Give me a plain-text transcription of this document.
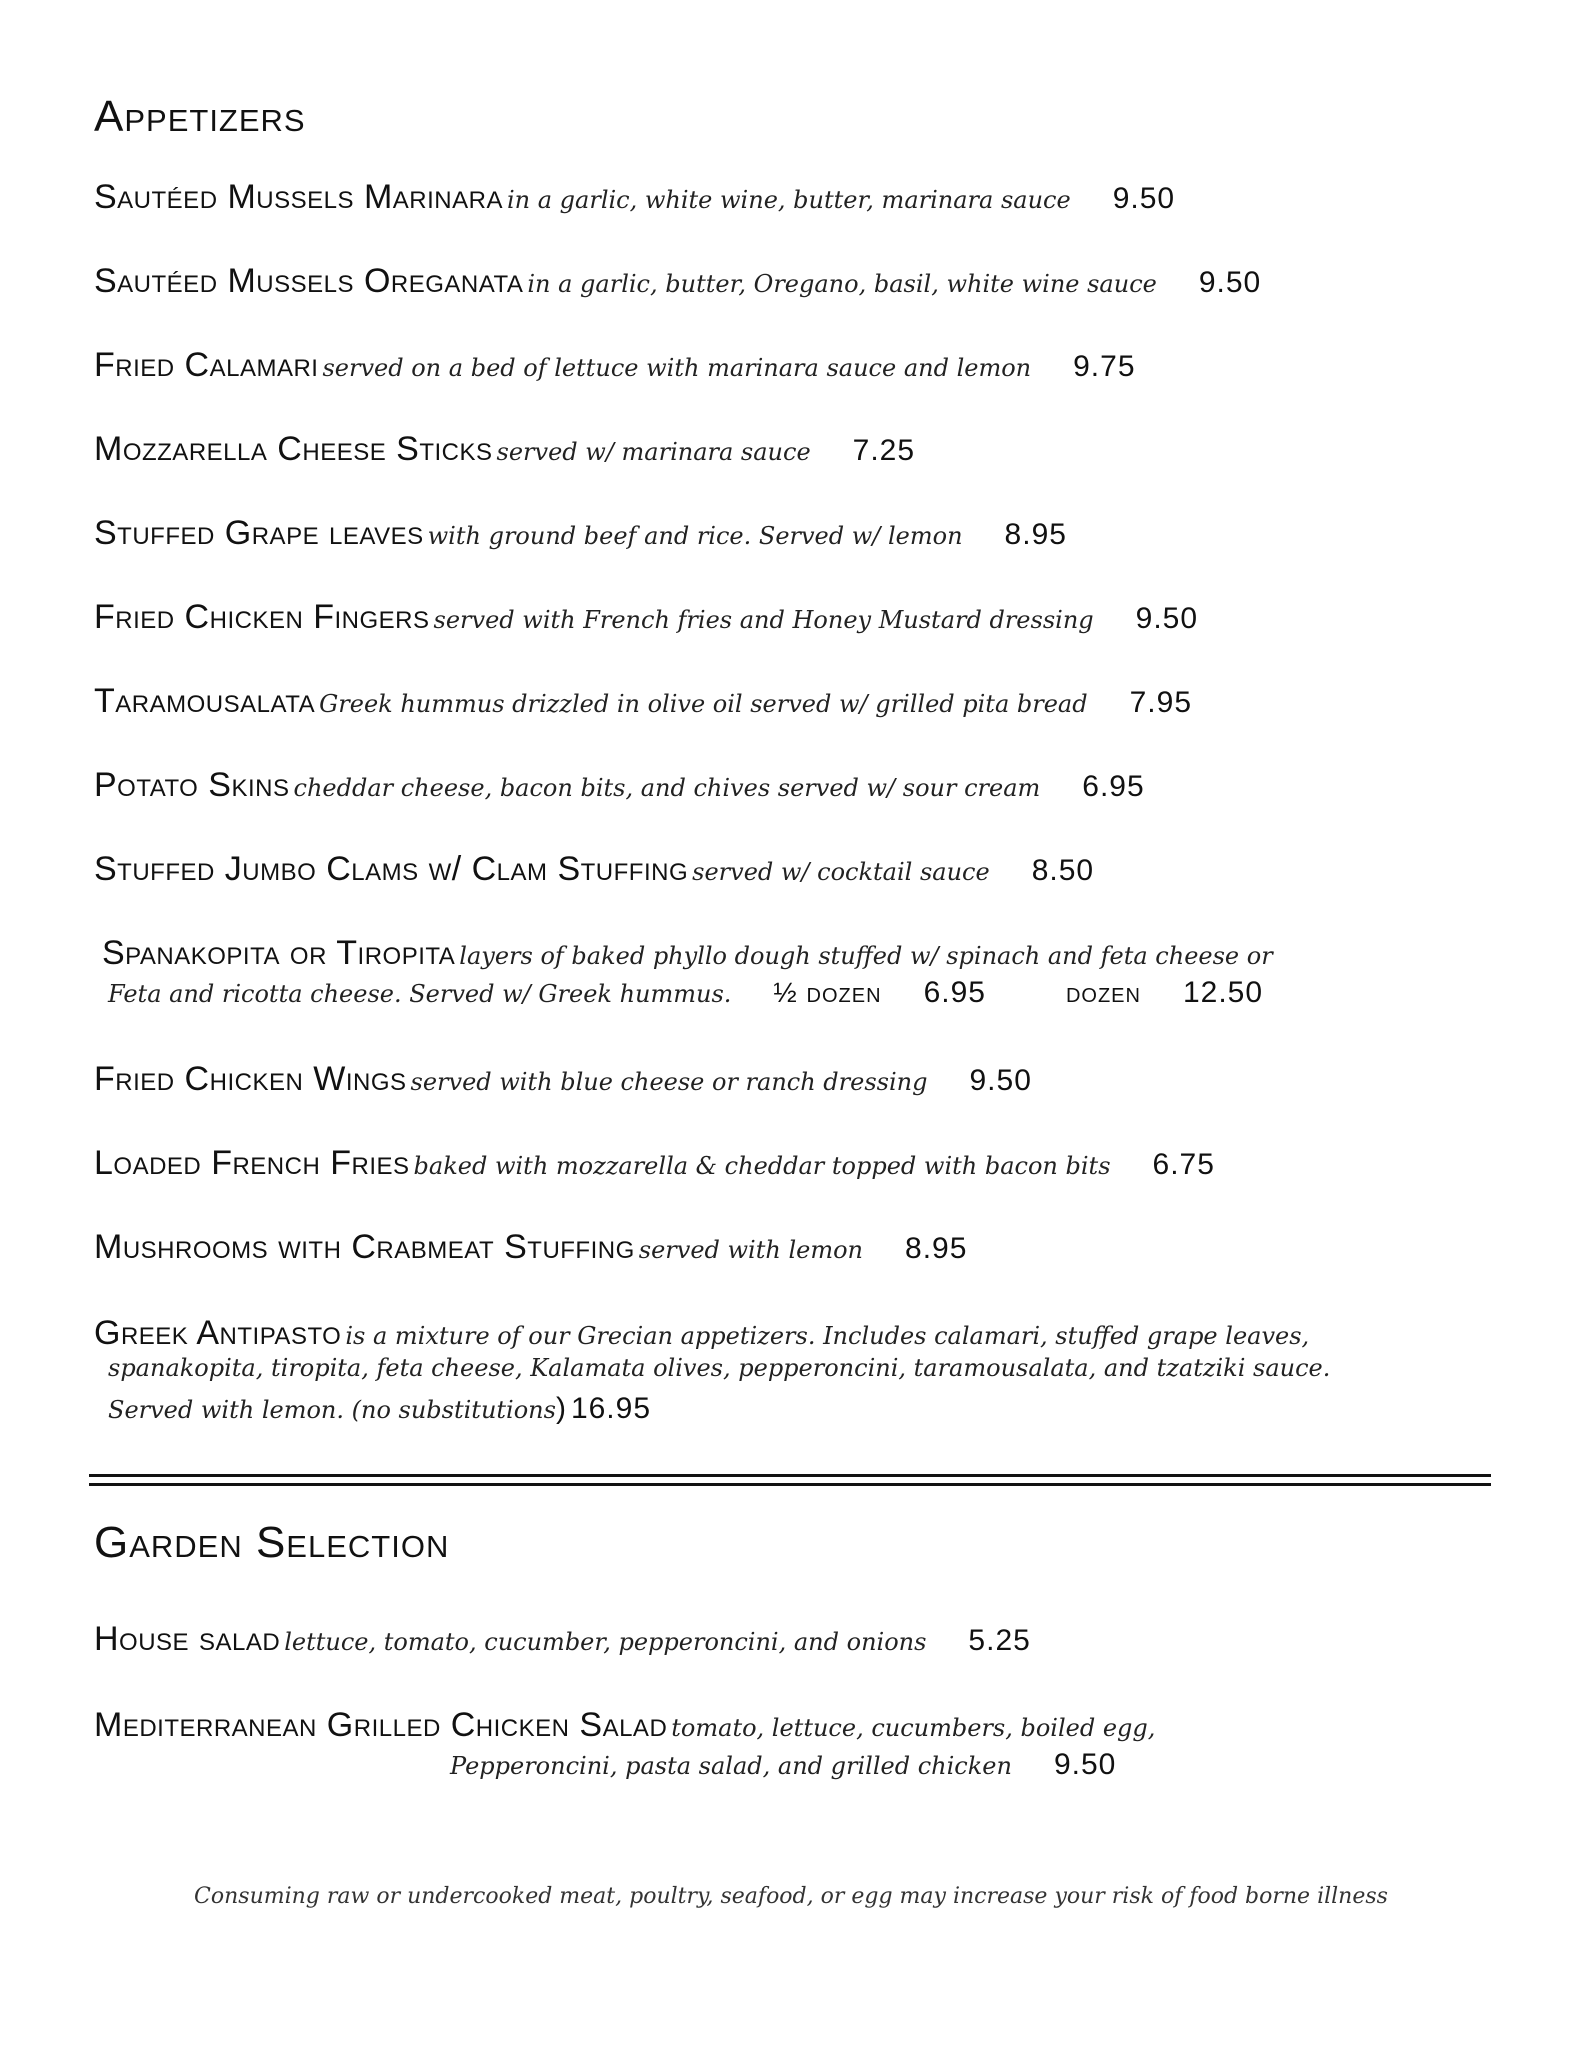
Appetizers
Sautéed Mussels Marinara in a garlic, white wine, butter, marinara sauce 9.50
Sautéed Mussels Oreganata in a garlic, butter, Oregano, basil, white wine sauce 9.50
Fried Calamari served on a bed of lettuce with marinara sauce and lemon 9.75
Mozzarella Cheese Sticks served w/ marinara sauce 7.25
Stuffed Grape leaves with ground beef and rice. Served w/ lemon 8.95
Fried Chicken Fingers served with French fries and Honey Mustard dressing 9.50
Taramousalata Greek hummus drizzled in olive oil served w/ grilled pita bread 7.95
Potato Skins cheddar cheese, bacon bits, and chives served w/ sour cream 6.95
Stuffed Jumbo Clams w/ Clam Stuffing served w/ cocktail sauce 8.50
Spanakopita or Tiropita layers of baked phyllo dough stuffed w/ spinach and feta cheese or
Feta and ricotta cheese. Served w/ Greek hummus. ½ dozen 6.95	dozen 12.50
Fried Chicken Wings served with blue cheese or ranch dressing 9.50
Loaded French Fries baked with mozzarella & cheddar topped with bacon bits 6.75
Mushrooms with Crabmeat Stuffing served with lemon 8.95
Greek Antipasto is a mixture of our Grecian appetizers. Includes calamari, stuffed grape leaves,
spanakopita, tiropita, feta cheese, Kalamata olives, pepperoncini, taramousalata, and tzatziki sauce.
Served with lemon. (no substitutions) 16.95
Garden Selection
House salad lettuce, tomato, cucumber, pepperoncini, and onions 5.25
Mediterranean Grilled Chicken Salad tomato, lettuce, cucumbers, boiled egg,
Pepperoncini, pasta salad, and grilled chicken 9.50
Consuming raw or undercooked meat, poultry, seafood, or egg may increase your risk of food borne illness
